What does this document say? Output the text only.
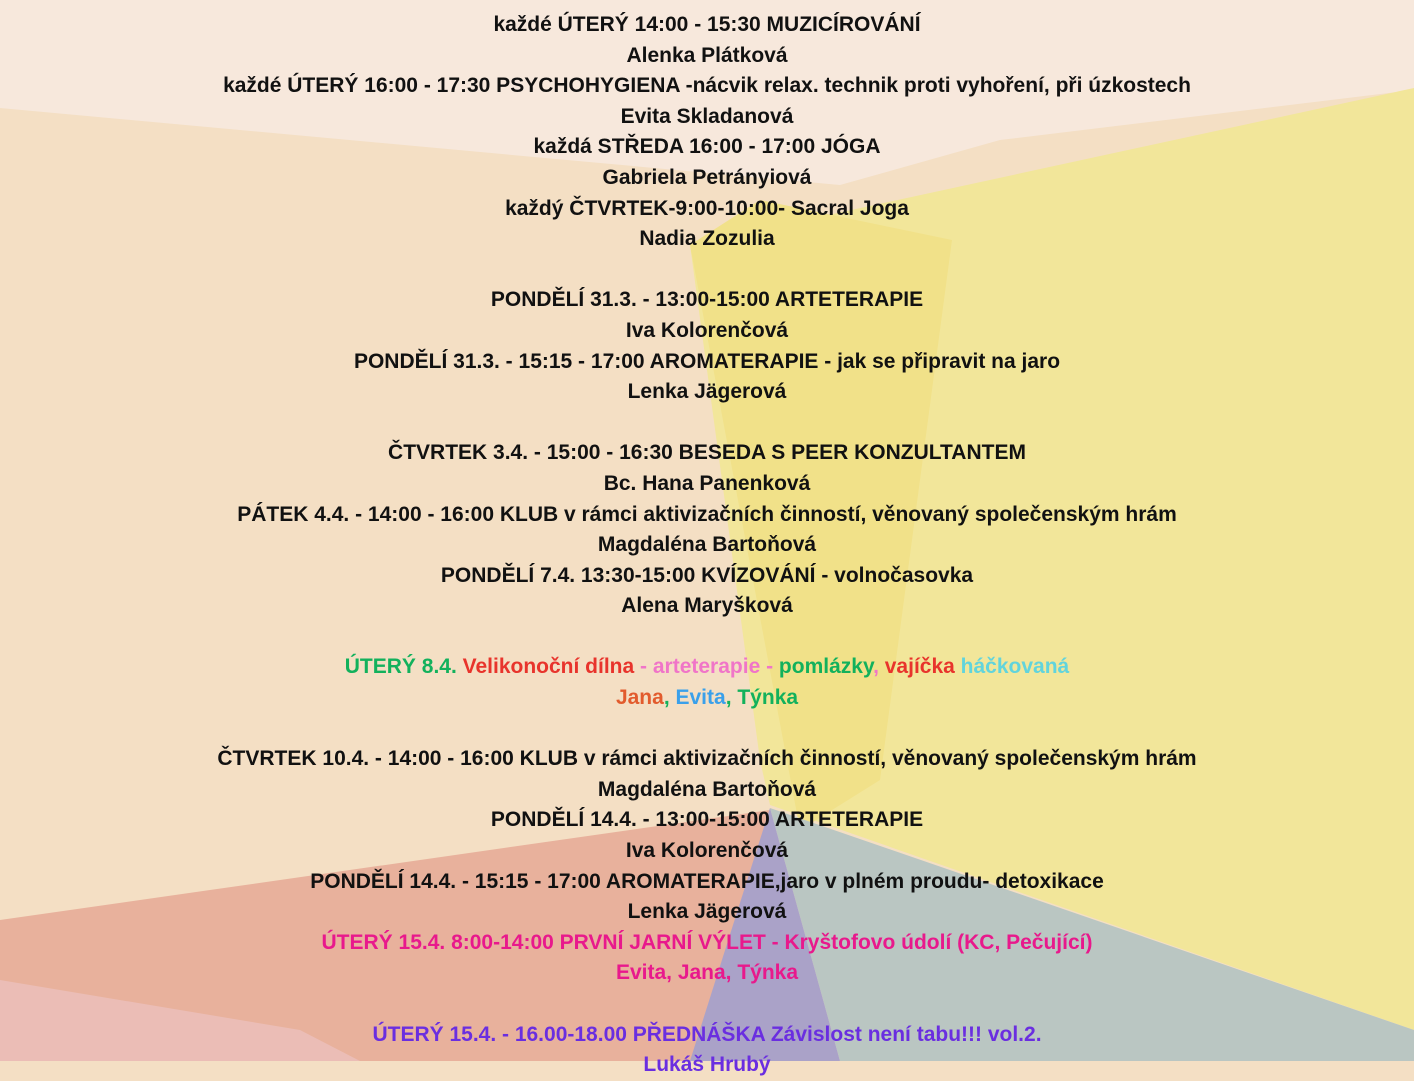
každé ÚTERÝ 14:00 - 15:30 MUZICÍROVÁNÍ
Alenka Plátková
každé ÚTERÝ 16:00 - 17:30 PSYCHOHYGIENA -nácvik relax. technik proti vyhoření, při úzkostech
Evita Skladanová
každá STŘEDA 16:00 - 17:00 JÓGA
Gabriela Petrányiová
každý ČTVRTEK-9:00-10:00- Sacral Joga
Nadia Zozulia
PONDĚLÍ 31.3. - 13:00-15:00 ARTETERAPIE
Iva Kolorenčová
PONDĚLÍ 31.3. - 15:15 - 17:00 AROMATERAPIE - jak se připravit na jaro
Lenka Jägerová
ČTVRTEK 3.4. - 15:00 - 16:30 BESEDA S PEER KONZULTANTEM
Bc. Hana Panenková
PÁTEK 4.4. - 14:00 - 16:00 KLUB v rámci aktivizačních činností, věnovaný společenským hrám
Magdaléna Bartoňová
PONDĚLÍ 7.4. 13:30-15:00 KVÍZOVÁNÍ - volnočasovka
Alena Maryšková
ÚTERÝ 8.4. Velikonoční dílna - arteterapie - pomlázky, vajíčka háčkovaná
Jana, Evita, Týnka
ČTVRTEK 10.4. - 14:00 - 16:00 KLUB v rámci aktivizačních činností, věnovaný společenským hrám
Magdaléna Bartoňová
PONDĚLÍ 14.4. - 13:00-15:00 ARTETERAPIE
Iva Kolorenčová
PONDĚLÍ 14.4. - 15:15 - 17:00 AROMATERAPIE,jaro v plném proudu- detoxikace
Lenka Jägerová
ÚTERÝ 15.4. 8:00-14:00 PRVNÍ JARNÍ VÝLET - Kryštofovo údolí (KC, Pečující)
Evita, Jana, Týnka
ÚTERÝ 15.4. - 16.00-18.00 PŘEDNÁŠKA Závislost není tabu!!! vol.2.
Lukáš Hrubý
